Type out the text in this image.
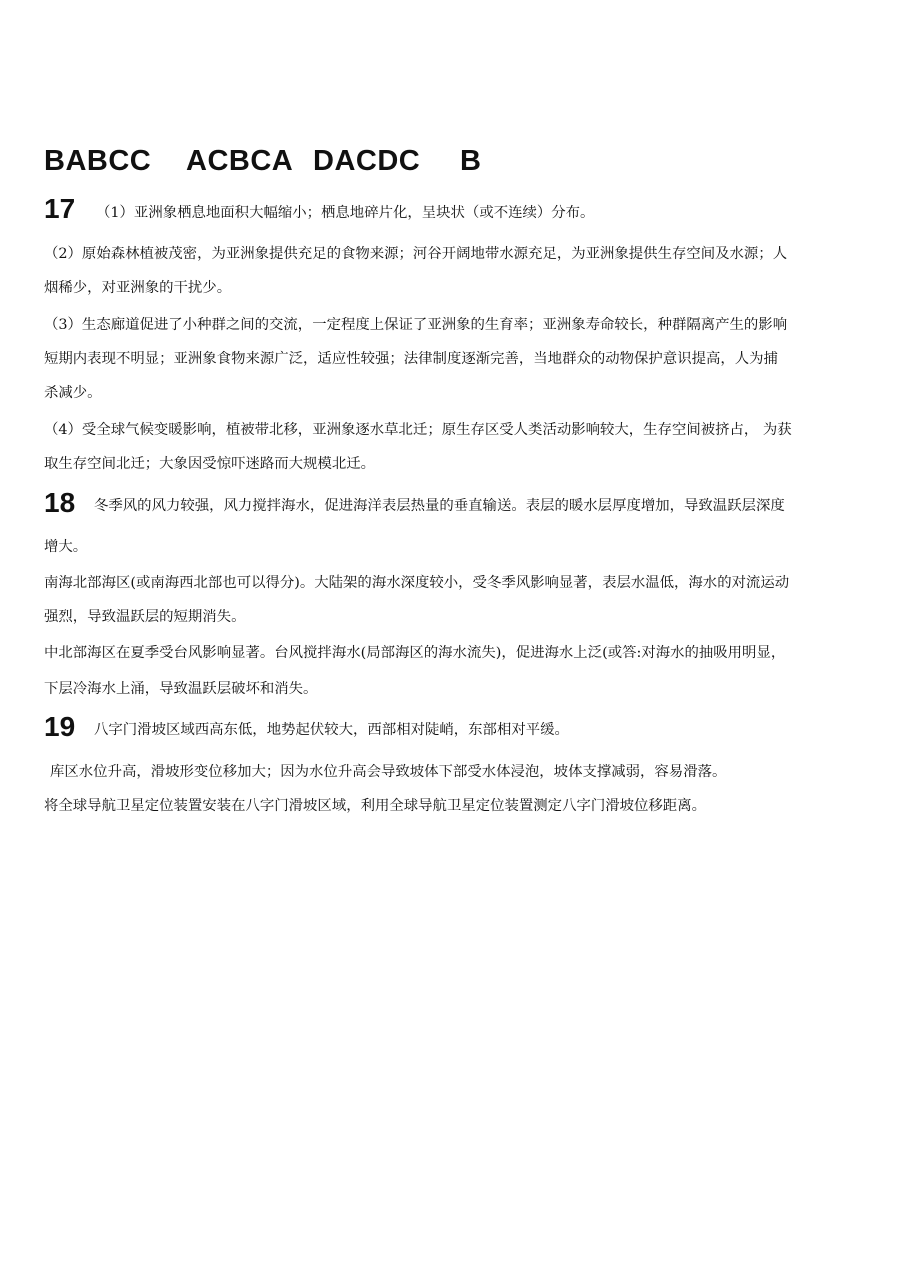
BABCC ACBCA DACDC B
17 （1）亚洲象栖息地面积大幅缩小；栖息地碎片化，呈块状（或不连续）分布。
（2）原始森林植被茂密，为亚洲象提供充足的食物来源；河谷开阔地带水源充足，为亚洲象提供生存空间及水源；人
烟稀少，对亚洲象的干扰少。
（3）生态廊道促进了小种群之间的交流，一定程度上保证了亚洲象的生育率；亚洲象寿命较长，种群隔离产生的影响
短期内表现不明显；亚洲象食物来源广泛，适应性较强；法律制度逐渐完善，当地群众的动物保护意识提高，人为捕
杀减少。
（4）受全球气候变暖影响，植被带北移，亚洲象逐水草北迁；原生存区受人类活动影响较大，生存空间被挤占， 为获
取生存空间北迁；大象因受惊吓迷路而大规模北迁。
18 冬季风的风力较强，风力搅拌海水，促进海洋表层热量的垂直输送。表层的暖水层厚度增加，导致温跃层深度
增大。
南海北部海区(或南海西北部也可以得分)。大陆架的海水深度较小，受冬季风影响显著，表层水温低，海水的对流运动
强烈，导致温跃层的短期消失。
中北部海区在夏季受台风影响显著。台风搅拌海水(局部海区的海水流失)，促进海水上泛(或答:对海水的抽吸用明显，
下层冷海水上涌，导致温跃层破坏和消失。
19 八字门滑坡区域西高东低，地势起伏较大，西部相对陡峭，东部相对平缓。
库区水位升高，滑坡形变位移加大；因为水位升高会导致坡体下部受水体浸泡，坡体支撑减弱，容易滑落。
将全球导航卫星定位装置安装在八字门滑坡区域，利用全球导航卫星定位装置测定八字门滑坡位移距离。
